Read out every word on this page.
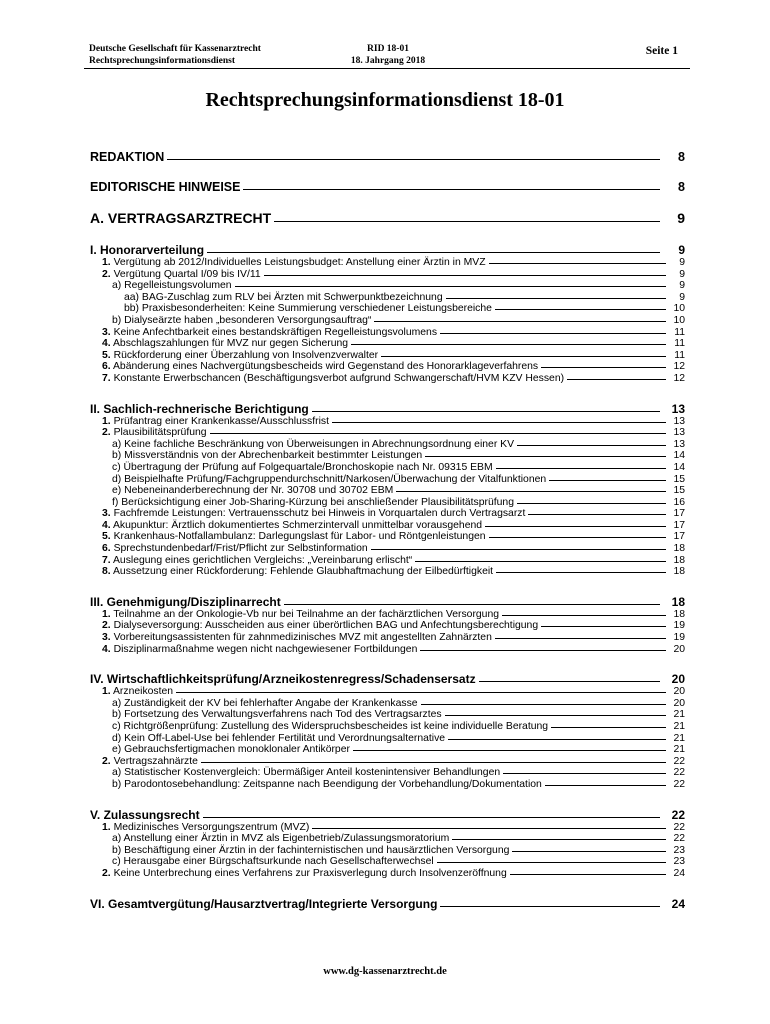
Deutsche Gesellschaft für Kassenarztrecht
Rechtsprechungsinformationsdienst
RID 18-01
18. Jahrgang 2018
Seite 1
Rechtsprechungsinformationsdienst 18-01
REDAKTION	8
EDITORISCHE HINWEISE	8
A. VERTRAGSARZTRECHT	9
I. Honorarverteilung	9
1. Vergütung ab 2012/Individuelles Leistungsbudget: Anstellung einer Ärztin in MVZ	9
2. Vergütung Quartal I/09 bis IV/11	9
a) Regelleistungsvolumen	9
aa) BAG-Zuschlag zum RLV bei Ärzten mit Schwerpunktbezeichnung	9
bb) Praxisbesonderheiten: Keine Summierung verschiedener Leistungsbereiche	10
b) Dialyseärzte haben „besonderen Versorgungsauftrag“	10
3. Keine Anfechtbarkeit eines bestandskräftigen Regelleistungsvolumens	11
4. Abschlagszahlungen für MVZ nur gegen Sicherung	11
5. Rückforderung einer Überzahlung von Insolvenzverwalter	11
6. Abänderung eines Nachvergütungsbescheids wird Gegenstand des Honorarklageverfahrens	12
7. Konstante Erwerbschancen (Beschäftigungsverbot aufgrund Schwangerschaft/HVM KZV Hessen)	12
II. Sachlich-rechnerische Berichtigung	13
1. Prüfantrag einer Krankenkasse/Ausschlussfrist	13
2. Plausibilitätsprüfung	13
a) Keine fachliche Beschränkung von Überweisungen in Abrechnungsordnung einer KV	13
b) Missverständnis von der Abrechenbarkeit bestimmter Leistungen	14
c) Übertragung der Prüfung auf Folgequartale/Bronchoskopie nach Nr. 09315 EBM	14
d) Beispielhafte Prüfung/Fachgruppendurchschnitt/Narkosen/Überwachung der Vitalfunktionen	15
e) Nebeneinanderberechnung der Nr. 30708 und 30702 EBM	15
f) Berücksichtigung einer Job-Sharing-Kürzung bei anschließender Plausibilitätsprüfung	16
3. Fachfremde Leistungen: Vertrauensschutz bei Hinweis in Vorquartalen durch Vertragsarzt	17
4. Akupunktur: Ärztlich dokumentiertes Schmerzintervall unmittelbar vorausgehend	17
5. Krankenhaus-Notfallambulanz: Darlegungslast für Labor- und Röntgenleistungen	17
6. Sprechstundenbedarf/Frist/Pflicht zur Selbstinformation	18
7. Auslegung eines gerichtlichen Vergleichs: „Vereinbarung erlischt“	18
8. Aussetzung einer Rückforderung: Fehlende Glaubhaftmachung der Eilbedürftigkeit	18
III. Genehmigung/Disziplinarrecht	18
1. Teilnahme an der Onkologie-Vb nur bei Teilnahme an der fachärztlichen Versorgung	18
2. Dialyseversorgung: Ausscheiden aus einer überörtlichen BAG und Anfechtungsberechtigung	19
3. Vorbereitungsassistenten für zahnmedizinisches MVZ mit angestellten Zahnärzten	19
4. Disziplinarmaßnahme wegen nicht nachgewiesener Fortbildungen	20
IV. Wirtschaftlichkeitsprüfung/Arzneikostenregress/Schadensersatz	20
1. Arzneikosten	20
a) Zuständigkeit der KV bei fehlerhafter Angabe der Krankenkasse	20
b) Fortsetzung des Verwaltungsverfahrens nach Tod des Vertragsarztes	21
c) Richtgrößenprüfung: Zustellung des Widerspruchsbescheides ist keine individuelle Beratung	21
d) Kein Off-Label-Use bei fehlender Fertilität und Verordnungsalternative	21
e) Gebrauchsfertigmachen monoklonaler Antikörper	21
2. Vertragszahnärzte	22
a) Statistischer Kostenvergleich: Übermäßiger Anteil kostenintensiver Behandlungen	22
b) Parodontosebehandlung: Zeitspanne nach Beendigung der Vorbehandlung/Dokumentation	22
V. Zulassungsrecht	22
1. Medizinisches Versorgungszentrum (MVZ)	22
a) Anstellung einer Ärztin in MVZ als Eigenbetrieb/Zulassungsmoratorium	22
b) Beschäftigung einer Ärztin in der fachinternistischen und hausärztlichen Versorgung	23
c) Herausgabe einer Bürgschaftsurkunde nach Gesellschafterwechsel	23
2. Keine Unterbrechung eines Verfahrens zur Praxisverlegung durch Insolvenzeröffnung	24
VI. Gesamtvergütung/Hausarztvertrag/Integrierte Versorgung	24
www.dg-kassenarztrecht.de
